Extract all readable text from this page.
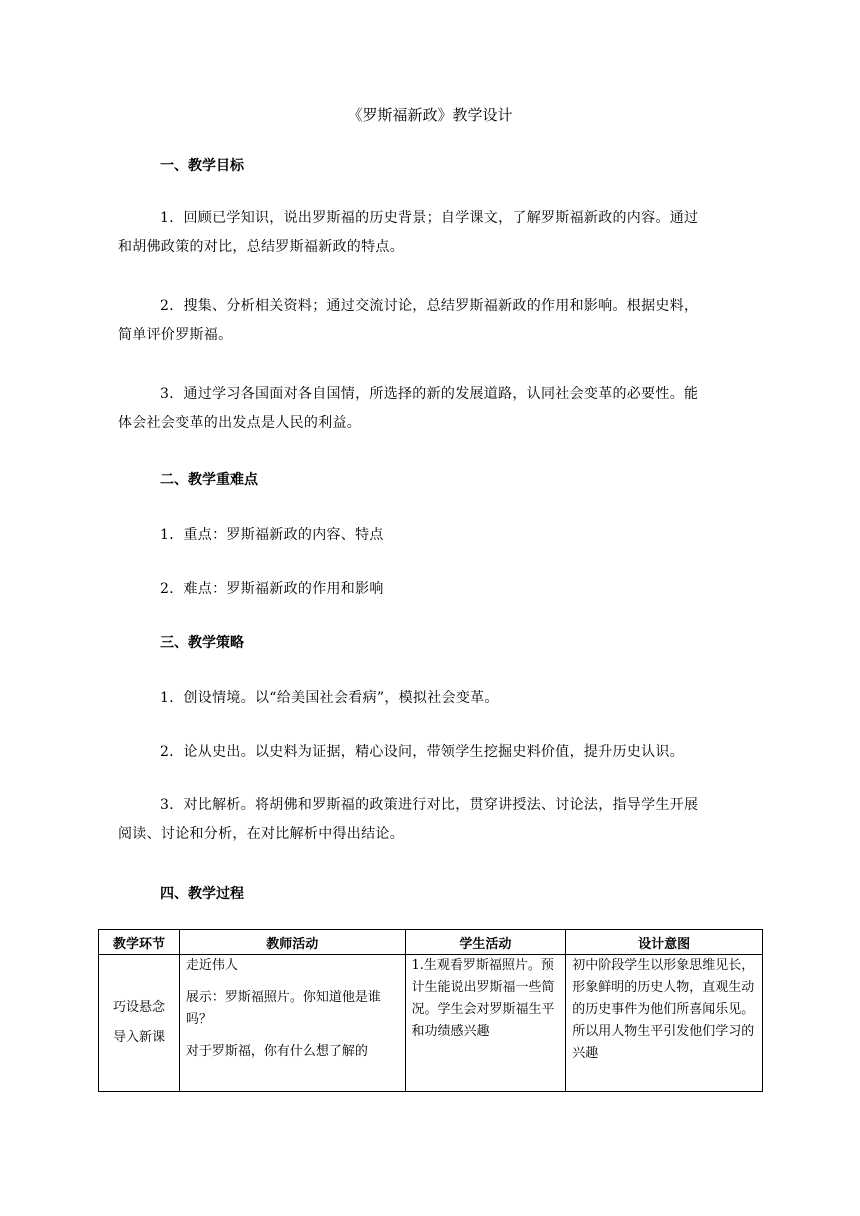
《罗斯福新政》教学设计
一、教学目标
1．回顾已学知识，说出罗斯福的历史背景；自学课文，了解罗斯福新政的内容。通过
和胡佛政策的对比，总结罗斯福新政的特点。
2．搜集、分析相关资料；通过交流讨论，总结罗斯福新政的作用和影响。根据史料，
简单评价罗斯福。
3．通过学习各国面对各自国情，所选择的新的发展道路，认同社会变革的必要性。能
体会社会变革的出发点是人民的利益。
二、教学重难点
1．重点：罗斯福新政的内容、特点
2．难点：罗斯福新政的作用和影响
三、教学策略
1．创设情境。以“给美国社会看病”，模拟社会变革。
2．论从史出。以史料为证据，精心设问，带领学生挖掘史料价值，提升历史认识。
3．对比解析。将胡佛和罗斯福的政策进行对比，贯穿讲授法、讨论法，指导学生开展
阅读、讨论和分析，在对比解析中得出结论。
四、教学过程
教学环节	教师活动	学生活动	设计意图

巧设悬念
导入新课	走近伟人
展示：罗斯福照片。你知道他是谁吗？
对于罗斯福，你有什么想了解的	1.生观看罗斯福照片。预计生能说出罗斯福一些简况。学生会对罗斯福生平和功绩感兴趣	初中阶段学生以形象思维见长，形象鲜明的历史人物，直观生动的历史事件为他们所喜闻乐见。所以用人物生平引发他们学习的兴趣
